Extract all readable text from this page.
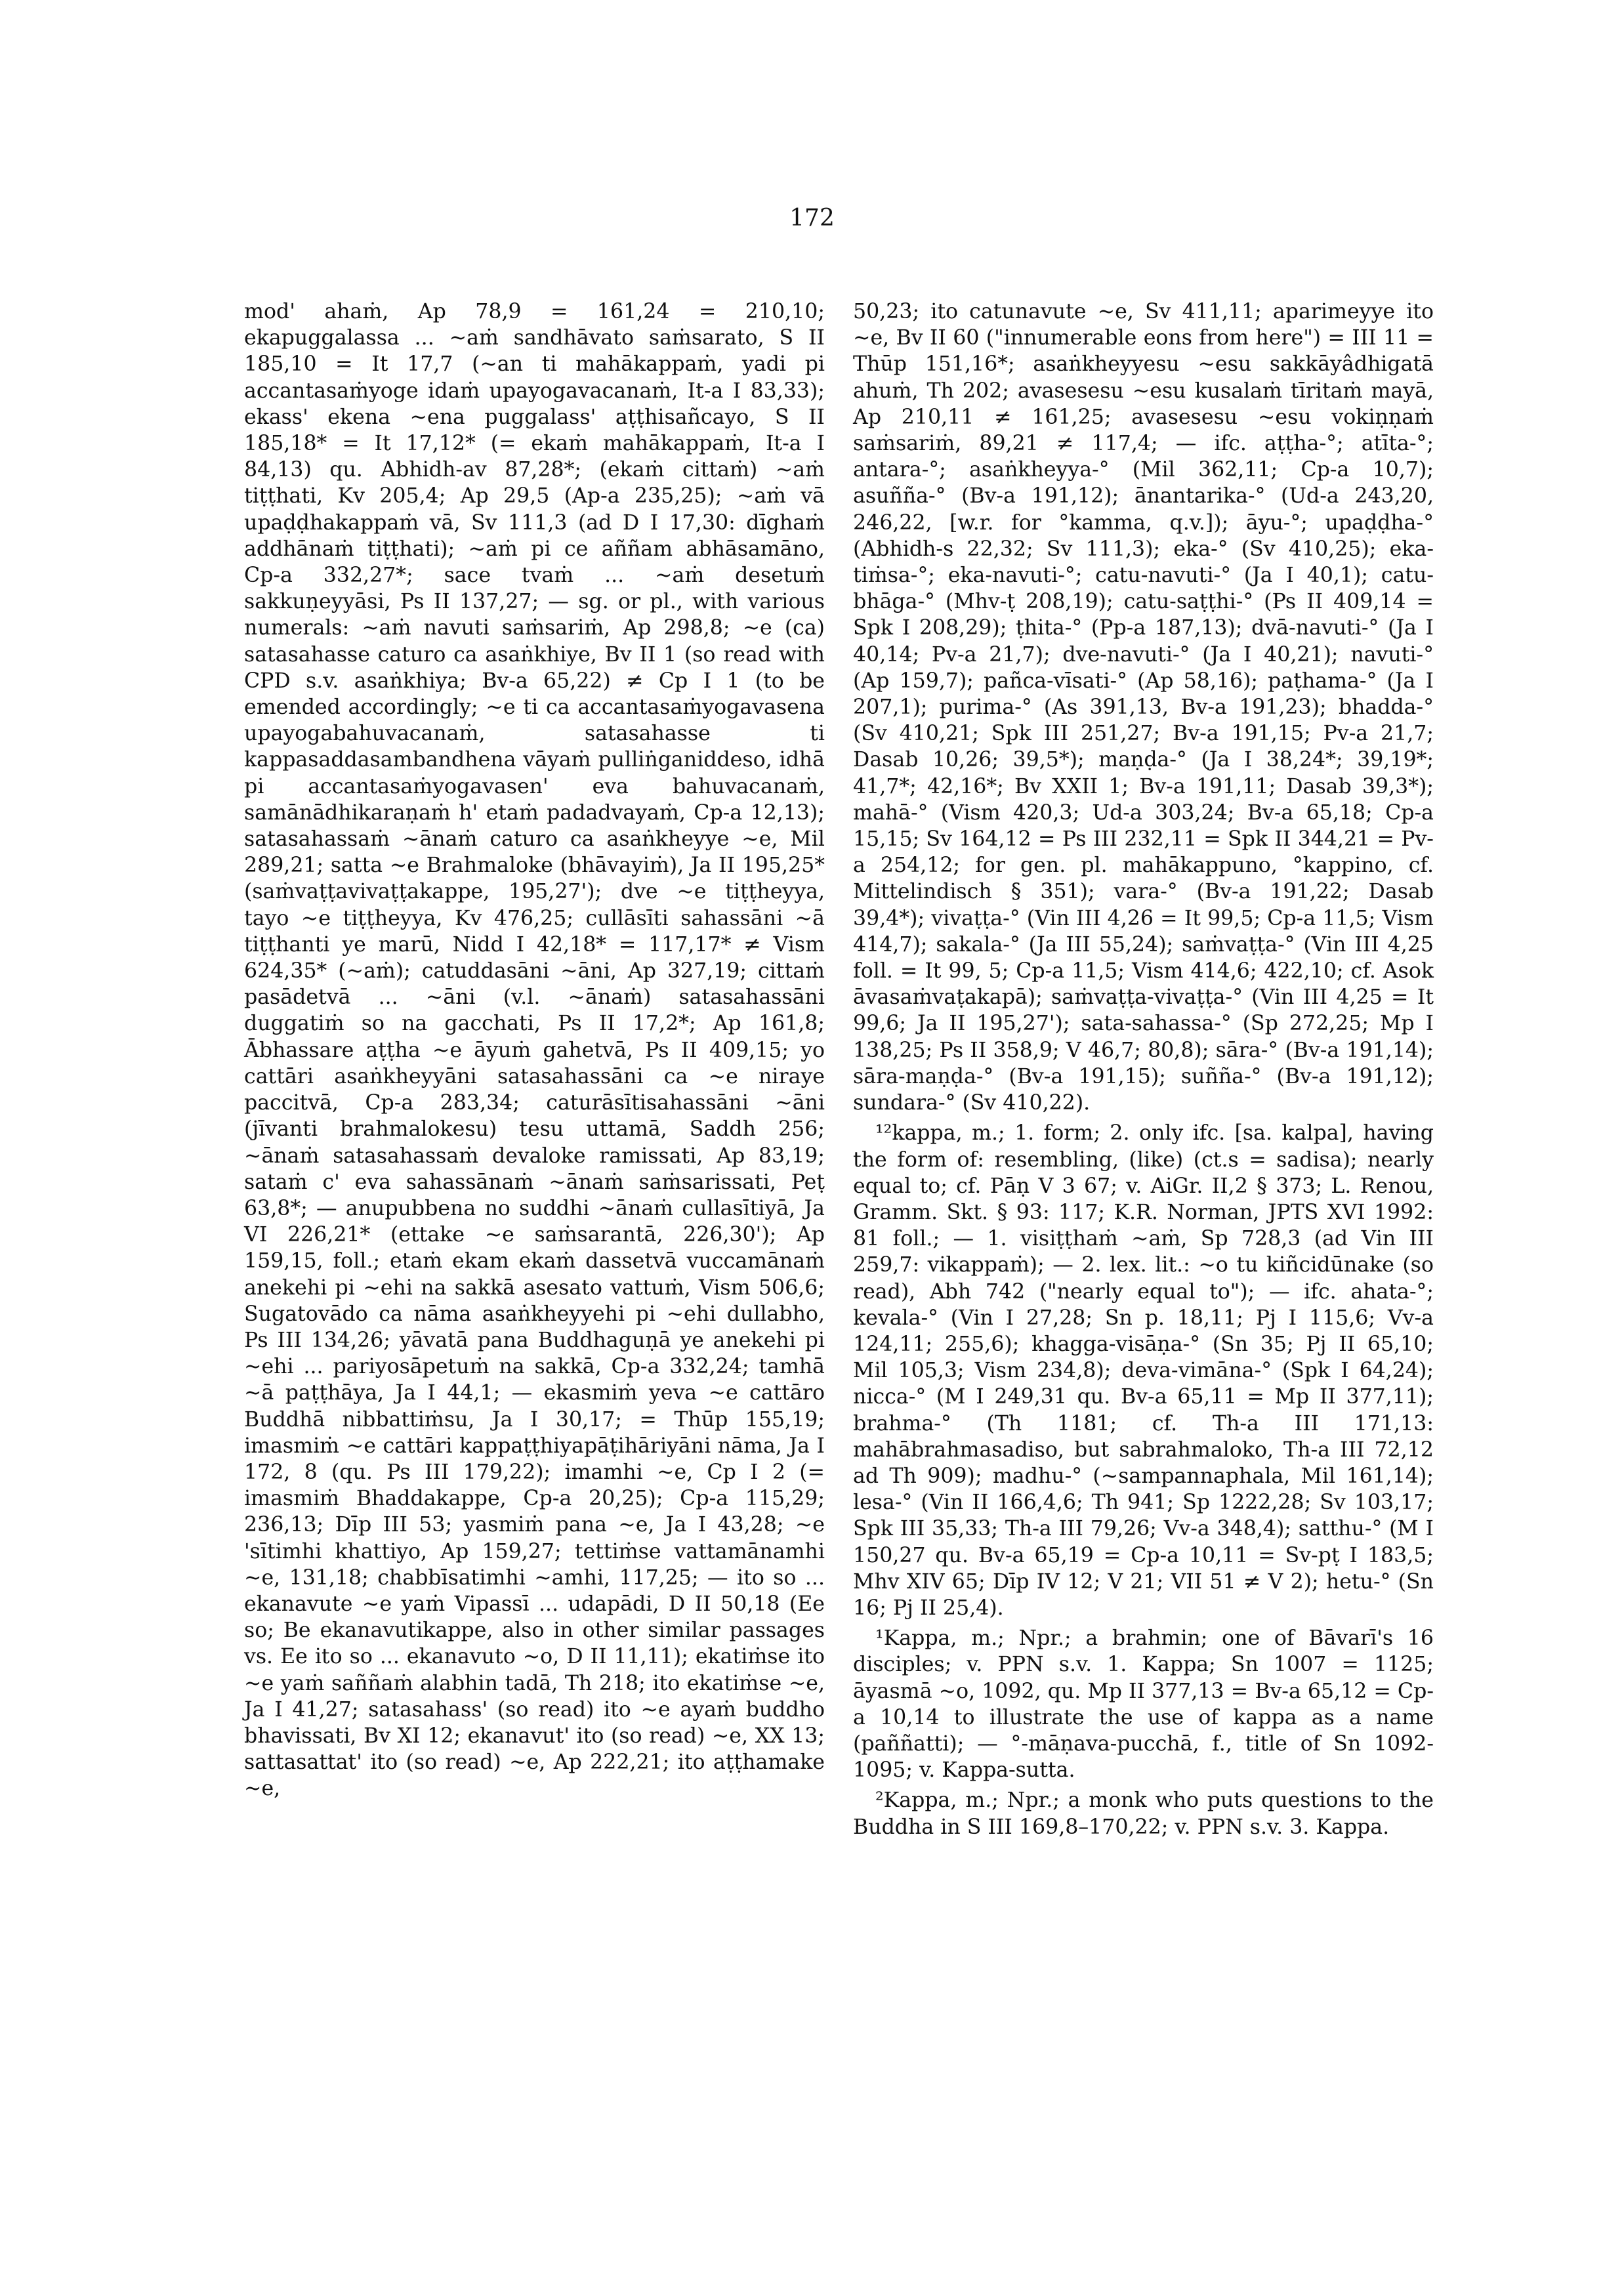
172

mod' ahaṁ, Ap 78,9 = 161,24 = 210,10; ekapuggalassa ... ~aṁ sandhāvato saṁsarato, S II 185,10 = It 17,7 (~an ti mahākappaṁ, yadi pi accantasaṁyoge idaṁ upayogavacanaṁ, It-a I 83,33); ekass' ekena ~ena puggalass' aṭṭhisañcayo, S II 185,18* = It 17,12* (= ekaṁ mahākappaṁ, It-a I 84,13) qu. Abhidh-av 87,28*; (ekaṁ cittaṁ) ~aṁ tiṭṭhati, Kv 205,4; Ap 29,5 (Ap-a 235,25); ~aṁ vā upaḍḍhakappaṁ vā, Sv 111,3 (ad D I 17,30: dīghaṁ addhānaṁ tiṭṭhati); ~aṁ pi ce aññam abhāsamāno, Cp-a 332,27*; sace tvaṁ ... ~aṁ desetuṁ sakkuṇeyyāsi, Ps II 137,27; — sg. or pl., with various numerals: ~aṁ navuti saṁsariṁ, Ap 298,8; ~e (ca) satasahasse caturo ca asaṅkhiye, Bv II 1 (so read with CPD s.v. asaṅkhiya; Bv-a 65,22) ≠ Cp I 1 (to be emended accordingly; ~e ti ca accantasaṁyogavasena upayogabahuvacanaṁ, satasahasse ti kappasaddasambandhena vāyaṁ pulliṅganiddeso, idhā pi accantasaṁyogavasen' eva bahuvacanaṁ, samānādhikaraṇaṁ h' etaṁ padadvayaṁ, Cp-a 12,13); satasahassaṁ ~ānaṁ caturo ca asaṅkheyye ~e, Mil 289,21; satta ~e Brahmaloke (bhāvayiṁ), Ja II 195,25* (saṁvaṭṭavivaṭṭakappe, 195,27'); dve ~e tiṭṭheyya, tayo ~e tiṭṭheyya, Kv 476,25; cullāsīti sahassāni ~ā tiṭṭhanti ye marū, Nidd I 42,18* = 117,17* ≠ Vism 624,35* (~aṁ); catuddasāni ~āni, Ap 327,19; cittaṁ pasādetvā ... ~āni (v.l. ~ānaṁ) satasahassāni duggatiṁ so na gacchati, Ps II 17,2*; Ap 161,8; Ābhassare aṭṭha ~e āyuṁ gahetvā, Ps II 409,15; yo cattāri asaṅkheyyāni satasahassāni ca ~e niraye paccitvā, Cp-a 283,34; caturāsītisahassāni ~āni (jīvanti brahmalokesu) tesu uttamā, Saddh 256; ~ānaṁ satasahassaṁ devaloke ramissati, Ap 83,19; sataṁ c' eva sahassānaṁ ~ānaṁ saṁsarissati, Peṭ 63,8*; — anupubbena no suddhi ~ānaṁ cullasītiyā, Ja VI 226,21* (ettake ~e saṁsarantā, 226,30'); Ap 159,15, foll.; etaṁ ekam ekaṁ dassetvā vuccamānaṁ anekehi pi ~ehi na sakkā asesato vattuṁ, Vism 506,6; Sugatovādo ca nāma asaṅkheyyehi pi ~ehi dullabho, Ps III 134,26; yāvatā pana Buddhaguṇā ye anekehi pi ~ehi ... pariyosāpetuṁ na sakkā, Cp-a 332,24; tamhā ~ā paṭṭhāya, Ja I 44,1; — ekasmiṁ yeva ~e cattāro Buddhā nibbattiṁsu, Ja I 30,17; = Thūp 155,19; imasmiṁ ~e cattāri kappaṭṭhiyapāṭihāriyāni nāma, Ja I 172, 8 (qu. Ps III 179,22); imamhi ~e, Cp I 2 (= imasmiṁ Bhaddakappe, Cp-a 20,25); Cp-a 115,29; 236,13; Dīp III 53; yasmiṁ pana ~e, Ja I 43,28; ~e 'sītimhi khattiyo, Ap 159,27; tettiṁse vattamānamhi ~e, 131,18; chabbīsatimhi ~amhi, 117,25; — ito so ... ekanavute ~e yaṁ Vipassī ... udapādi, D II 50,18 (Ee so; Be ekanavutikappe, also in other similar passages vs. Ee ito so ... ekanavuto ~o, D II 11,11); ekatiṁse ito ~e yaṁ saññaṁ alabhin tadā, Th 218; ito ekatiṁse ~e, Ja I 41,27; satasahass' (so read) ito ~e ayaṁ buddho bhavissati, Bv XI 12; ekanavut' ito (so read) ~e, XX 13; sattasattat' ito (so read) ~e, Ap 222,21; ito aṭṭhamake ~e,

50,23; ito catunavute ~e, Sv 411,11; aparimeyye ito ~e, Bv II 60 ("innumerable eons from here") = III 11 = Thūp 151,16*; asaṅkheyyesu ~esu sakkāyâdhigatā ahuṁ, Th 202; avasesesu ~esu kusalaṁ tīritaṁ mayā, Ap 210,11 ≠ 161,25; avasesesu ~esu vokiṇṇaṁ saṁsariṁ, 89,21 ≠ 117,4; — ifc. aṭṭha-°; atīta-°; antara-°; asaṅkheyya-° (Mil 362,11; Cp-a 10,7); asuñña-° (Bv-a 191,12); ānantarika-° (Ud-a 243,20, 246,22, [w.r. for °kamma, q.v.]); āyu-°; upaḍḍha-° (Abhidh-s 22,32; Sv 111,3); eka-° (Sv 410,25); eka-tiṁsa-°; eka-navuti-°; catu-navuti-° (Ja I 40,1); catu-bhāga-° (Mhv-ṭ 208,19); catu-saṭṭhi-° (Ps II 409,14 = Spk I 208,29); ṭhita-° (Pp-a 187,13); dvā-navuti-° (Ja I 40,14; Pv-a 21,7); dve-navuti-° (Ja I 40,21); navuti-° (Ap 159,7); pañca-vīsati-° (Ap 58,16); paṭhama-° (Ja I 207,1); purima-° (As 391,13, Bv-a 191,23); bhadda-° (Sv 410,21; Spk III 251,27; Bv-a 191,15; Pv-a 21,7; Dasab 10,26; 39,5*); maṇḍa-° (Ja I 38,24*; 39,19*; 41,7*; 42,16*; Bv XXII 1; Bv-a 191,11; Dasab 39,3*); mahā-° (Vism 420,3; Ud-a 303,24; Bv-a 65,18; Cp-a 15,15; Sv 164,12 = Ps III 232,11 = Spk II 344,21 = Pv-a 254,12; for gen. pl. mahākappuno, °kappino, cf. Mittelindisch § 351); vara-° (Bv-a 191,22; Dasab 39,4*); vivaṭṭa-° (Vin III 4,26 = It 99,5; Cp-a 11,5; Vism 414,7); sakala-° (Ja III 55,24); saṁvaṭṭa-° (Vin III 4,25 foll. = It 99, 5; Cp-a 11,5; Vism 414,6; 422,10; cf. Asok āvasaṁvaṭakapā); saṁvaṭṭa-vivaṭṭa-° (Vin III 4,25 = It 99,6; Ja II 195,27'); sata-sahassa-° (Sp 272,25; Mp I 138,25; Ps II 358,9; V 46,7; 80,8); sāra-° (Bv-a 191,14); sāra-maṇḍa-° (Bv-a 191,15); suñña-° (Bv-a 191,12); sundara-° (Sv 410,22).

¹²kappa, m.; 1. form; 2. only ifc. [sa. kalpa], having the form of: resembling, (like) (ct.s = sadisa); nearly equal to; cf. Pāṇ V 3 67; v. AiGr. II,2 § 373; L. Renou, Gramm. Skt. § 93: 117; K.R. Norman, JPTS XVI 1992: 81 foll.; — 1. visiṭṭhaṁ ~aṁ, Sp 728,3 (ad Vin III 259,7: vikappaṁ); — 2. lex. lit.: ~o tu kiñcidūnake (so read), Abh 742 ("nearly equal to"); — ifc. ahata-°; kevala-° (Vin I 27,28; Sn p. 18,11; Pj I 115,6; Vv-a 124,11; 255,6); khagga-visāṇa-° (Sn 35; Pj II 65,10; Mil 105,3; Vism 234,8); deva-vimāna-° (Spk I 64,24); nicca-° (M I 249,31 qu. Bv-a 65,11 = Mp II 377,11); brahma-° (Th 1181; cf. Th-a III 171,13: mahābrahmasadiso, but sabrahmaloko, Th-a III 72,12 ad Th 909); madhu-° (~sampannaphala, Mil 161,14); lesa-° (Vin II 166,4,6; Th 941; Sp 1222,28; Sv 103,17; Spk III 35,33; Th-a III 79,26; Vv-a 348,4); satthu-° (M I 150,27 qu. Bv-a 65,19 = Cp-a 10,11 = Sv-pṭ I 183,5; Mhv XIV 65; Dīp IV 12; V 21; VII 51 ≠ V 2); hetu-° (Sn 16; Pj II 25,4).

¹Kappa, m.; Npr.; a brahmin; one of Bāvarī's 16 disciples; v. PPN s.v. 1. Kappa; Sn 1007 = 1125; āyasmā ~o, 1092, qu. Mp II 377,13 = Bv-a 65,12 = Cp-a 10,14 to illustrate the use of kappa as a name (paññatti); — °-māṇava-pucchā, f., title of Sn 1092-1095; v. Kappa-sutta.

²Kappa, m.; Npr.; a monk who puts questions to the Buddha in S III 169,8–170,22; v. PPN s.v. 3. Kappa.
